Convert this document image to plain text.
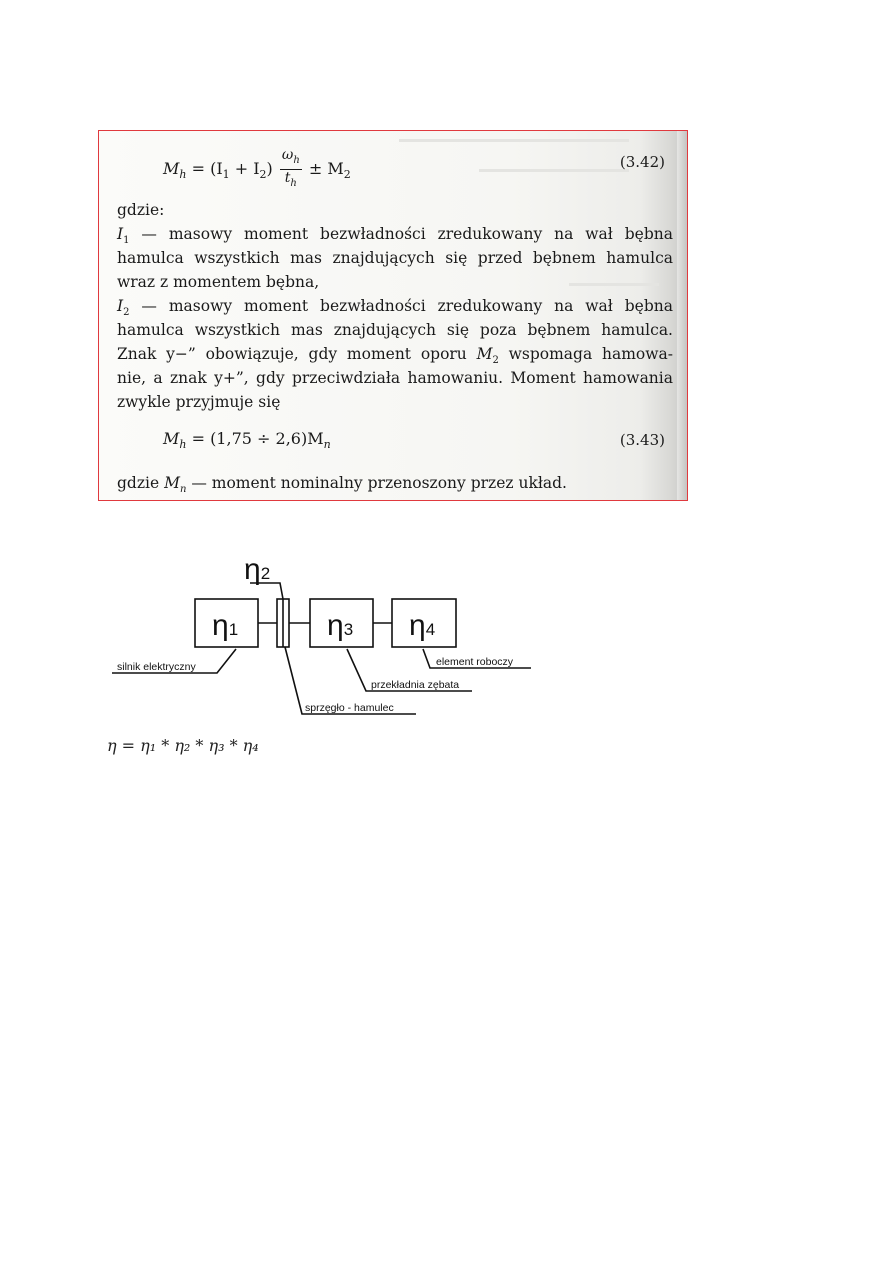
$M_h = (I_1 + I_2) \frac{\omega_h}{t_h} \pm M_2$
(3.42)
gdzie:
$I_1$ — masowy moment bezwładności zredukowany na wał bębna
hamulca wszystkich mas znajdujących się przed bębnem hamulca
wraz z momentem bębna,
$I_2$ — masowy moment bezwładności zredukowany na wał bębna
hamulca wszystkich mas znajdujących się poza bębnem hamulca.
Znak y−” obowiązuje, gdy moment oporu $M_2$ wspomaga hamowa-
nie, a znak y+”, gdy przeciwdziała hamowaniu. Moment hamowania
zwykle przyjmuje się
$M_h = (1,75 \div 2,6)M_n$	(3.43)
gdzie $M_n$ — moment nominalny przenoszony przez układ.
η1
η2
η3 η4
silnik elektryczny
sprzęgło - hamulec
przekładnia zębata
element roboczy
η = η₁ * η₂ * η₃ * η₄
